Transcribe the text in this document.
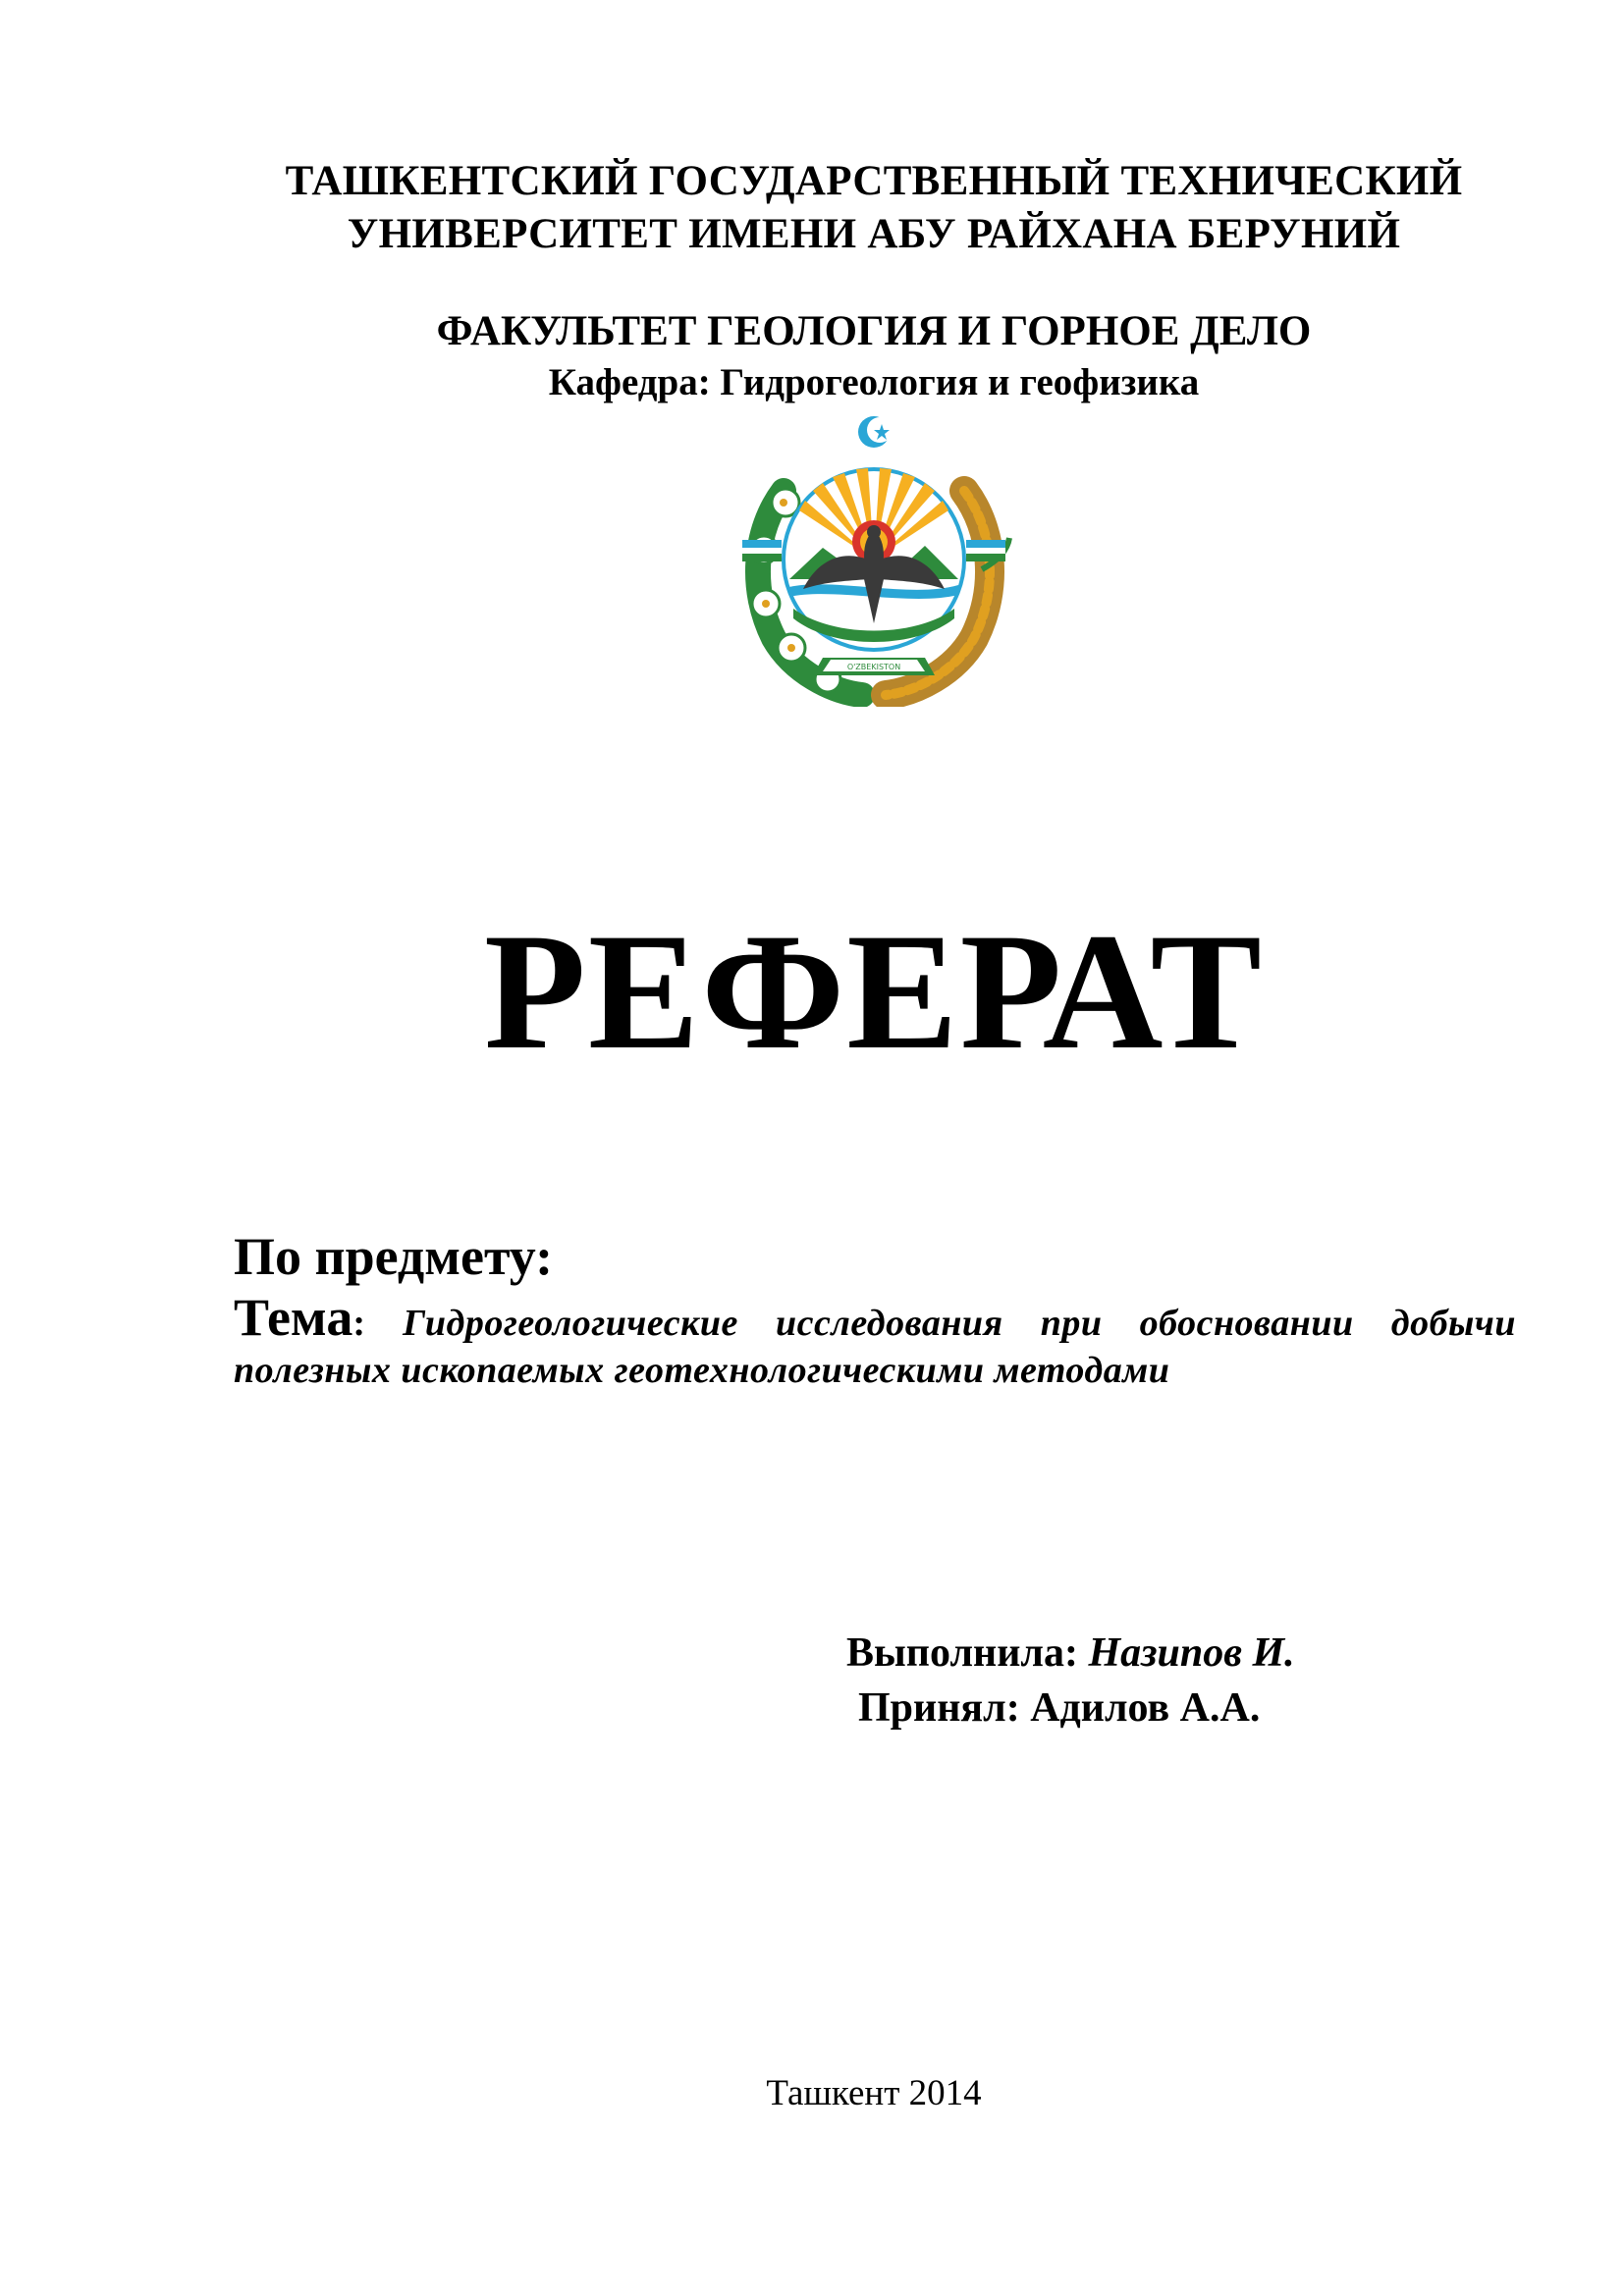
ТАШКЕНТСКИЙ ГОСУДАРСТВЕННЫЙ ТЕХНИЧЕСКИЙ
УНИВЕРСИТЕТ ИМЕНИ АБУ РАЙХАНА БЕРУНИЙ
ФАКУЛЬТЕТ ГЕОЛОГИЯ И ГОРНОЕ ДЕЛО
Кафедра: Гидрогеология и геофизика
O'ZBEKISTON
РЕФЕРАТ
По предмету:
Тема: Гидрогеологические исследования при обосновании добычи полезных ископаемых геотехнологическими методами
Выполнила: Назипов И.
Принял: Адилов А.А.
Ташкент 2014
